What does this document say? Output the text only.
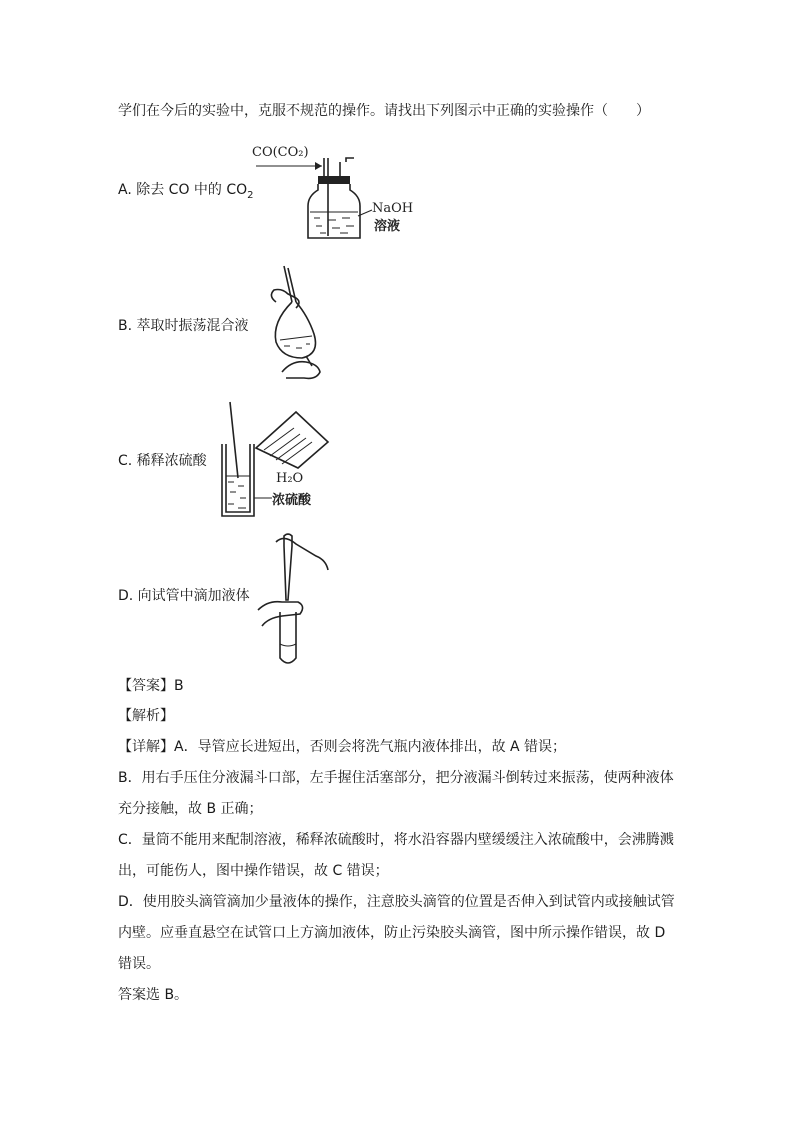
学们在今后的实验中，克服不规范的操作。请找出下列图示中正确的实验操作（　　）
A. 除去 CO 中的 $CO_2$
CO(CO₂)
NaOH
溶液
B. 萃取时振荡混合液
C. 稀释浓硫酸
H₂O
浓硫酸
D. 向试管中滴加液体
【答案】B
【解析】
【详解】A．导管应长进短出，否则会将洗气瓶内液体排出，故 A 错误；
B．用右手压住分液漏斗口部，左手握住活塞部分，把分液漏斗倒转过来振荡，使两种液体
充分接触，故 B 正确；
C．量筒不能用来配制溶液，稀释浓硫酸时，将水沿容器内壁缓缓注入浓硫酸中，会沸腾溅
出，可能伤人，图中操作错误，故 C 错误；
D．使用胶头滴管滴加少量液体的操作，注意胶头滴管的位置是否伸入到试管内或接触试管
内壁。应垂直悬空在试管口上方滴加液体，防止污染胶头滴管，图中所示操作错误，故 D
错误。
答案选 B。
